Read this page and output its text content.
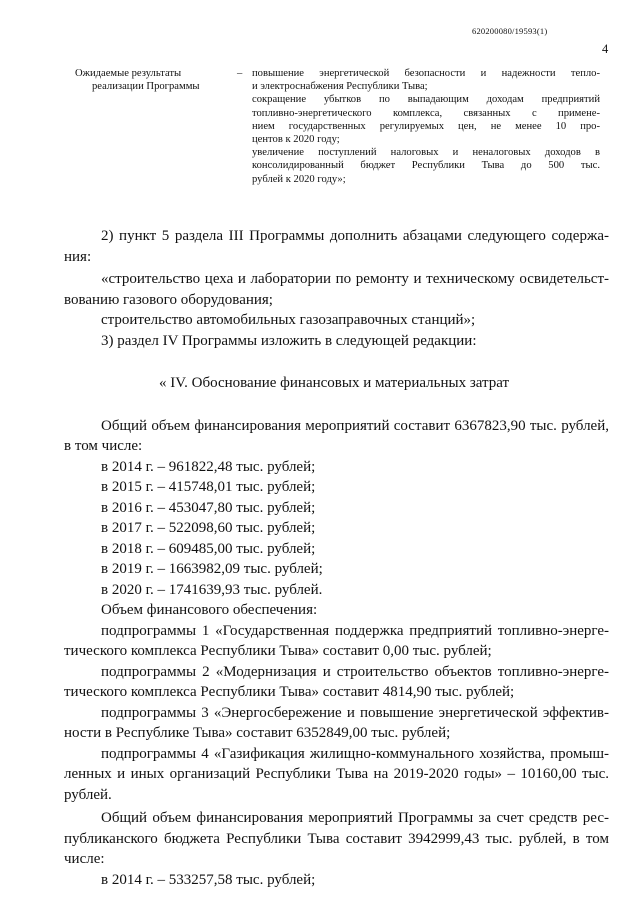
620200080/19593(1)
4
Ожидаемые результаты
реализации Программы
– повышение энергетической безопасности и надежности тепло-
и электроснабжения Республики Тыва;
сокращение убытков по выпадающим доходам предприятий
топливно-энергетического комплекса, связанных с примене-
нием государственных регулируемых цен, не менее 10 про-
центов к 2020 году;
увеличение поступлений налоговых и неналоговых доходов в
консолидированный бюджет Республики Тыва до 500 тыс.
рублей к 2020 году»;
2) пункт 5 раздела III Программы дополнить абзацами следующего содержа-
ния:
«строительство цеха и лаборатории по ремонту и техническому освидетельст-
вованию газового оборудования;
строительство автомобильных газозаправочных станций»;
3) раздел IV Программы изложить в следующей редакции:
« IV. Обоснование финансовых и материальных затрат
Общий объем финансирования мероприятий составит 6367823,90 тыс. рублей,
в том числе:
в 2014 г. – 961822,48 тыс. рублей;
в 2015 г. – 415748,01 тыс. рублей;
в 2016 г. – 453047,80 тыс. рублей;
в 2017 г. – 522098,60 тыс. рублей;
в 2018 г. – 609485,00 тыс. рублей;
в 2019 г. – 1663982,09 тыс. рублей;
в 2020 г. – 1741639,93 тыс. рублей.
Объем финансового обеспечения:
подпрограммы 1 «Государственная поддержка предприятий топливно-энерге-
тического комплекса Республики Тыва» составит 0,00 тыс. рублей;
подпрограммы 2 «Модернизация и строительство объектов топливно-энерге-
тического комплекса Республики Тыва» составит 4814,90 тыс. рублей;
подпрограммы 3 «Энергосбережение и повышение энергетической эффектив-
ности в Республике Тыва» составит 6352849,00 тыс. рублей;
подпрограммы 4 «Газификация жилищно-коммунального хозяйства, промыш-
ленных и иных организаций Республики Тыва на 2019-2020 годы» – 10160,00 тыс.
рублей.
Общий объем финансирования мероприятий Программы за счет средств рес-
публиканского бюджета Республики Тыва составит 3942999,43 тыс. рублей, в том
числе:
в 2014 г. – 533257,58 тыс. рублей;
